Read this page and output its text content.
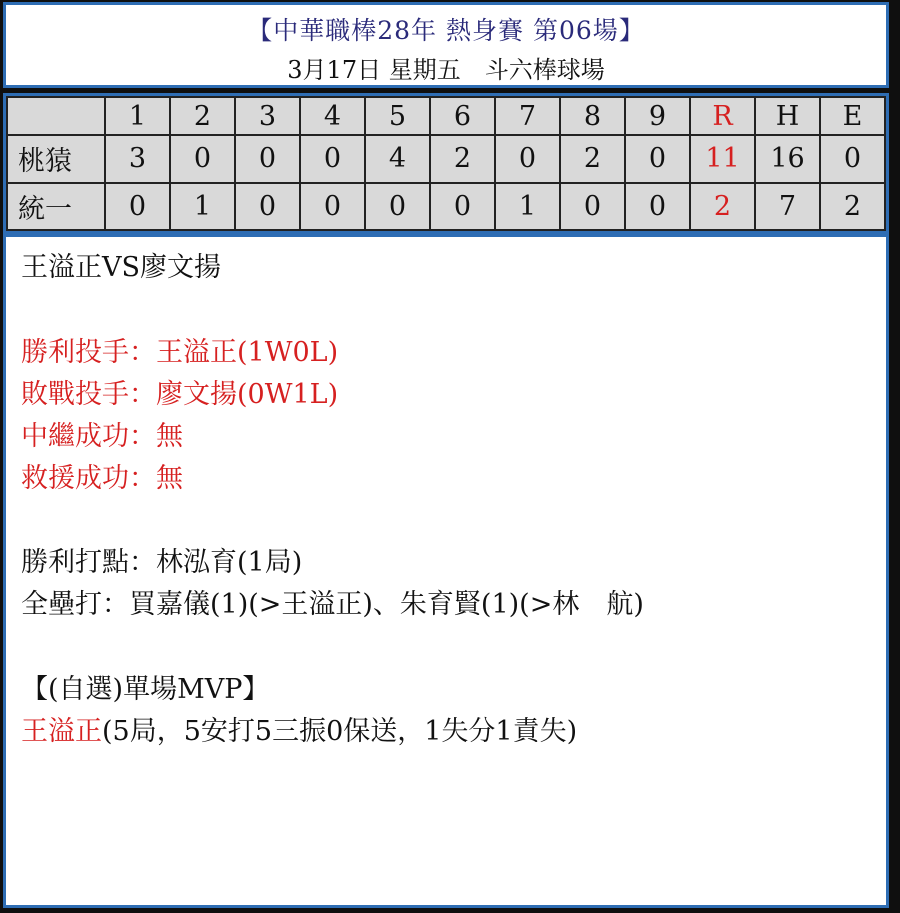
【中華職棒28年 熱身賽 第06場】
3月17日 星期五　斗六棒球場
	1	2	3	4	5	6	7	8	9	R	H	E
桃猿	3	0	0	0	4	2	0	2	0	11	16	0
統一	0	1	0	0	0	0	1	0	0	2	7	2
王溢正VS廖文揚
勝利投手：王溢正(1W0L)
敗戰投手：廖文揚(0W1L)
中繼成功：無
救援成功：無
勝利打點：林泓育(1局)
全壘打：買嘉儀(1)(>王溢正)、朱育賢(1)(>林　航)
【(自選)單場MVP】
王溢正(5局，5安打5三振0保送，1失分1責失)
